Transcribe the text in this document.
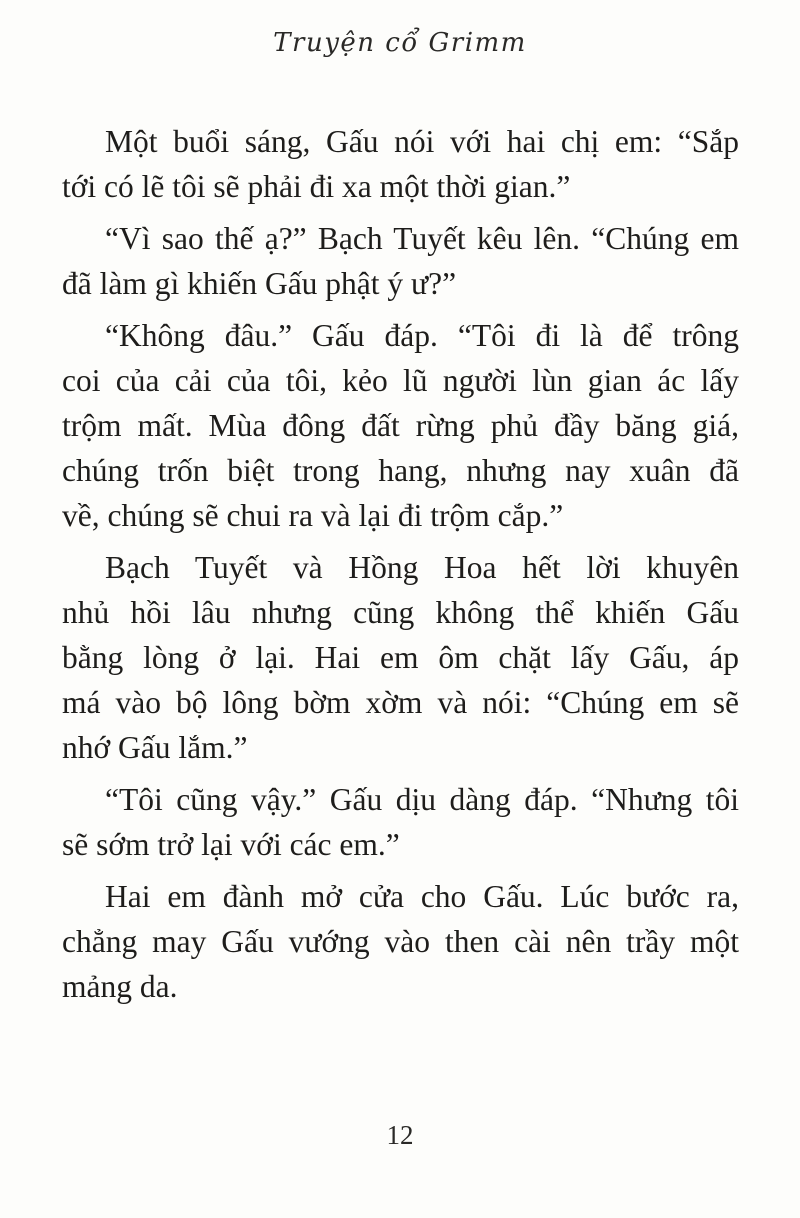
Truyện cổ Grimm

Một buổi sáng, Gấu nói với hai chị em: “Sắp
tới có lẽ tôi sẽ phải đi xa một thời gian.”

“Vì sao thế ạ?” Bạch Tuyết kêu lên. “Chúng em
đã làm gì khiến Gấu phật ý ư?”

“Không đâu.” Gấu đáp. “Tôi đi là để trông
coi của cải của tôi, kẻo lũ người lùn gian ác lấy
trộm mất. Mùa đông đất rừng phủ đầy băng giá,
chúng trốn biệt trong hang, nhưng nay xuân đã
về, chúng sẽ chui ra và lại đi trộm cắp.”

Bạch Tuyết và Hồng Hoa hết lời khuyên
nhủ hồi lâu nhưng cũng không thể khiến Gấu
bằng lòng ở lại. Hai em ôm chặt lấy Gấu, áp
má vào bộ lông bờm xờm và nói: “Chúng em sẽ
nhớ Gấu lắm.”

“Tôi cũng vậy.” Gấu dịu dàng đáp. “Nhưng tôi
sẽ sớm trở lại với các em.”

Hai em đành mở cửa cho Gấu. Lúc bước ra,
chẳng may Gấu vướng vào then cài nên trầy một
mảng da.

12
